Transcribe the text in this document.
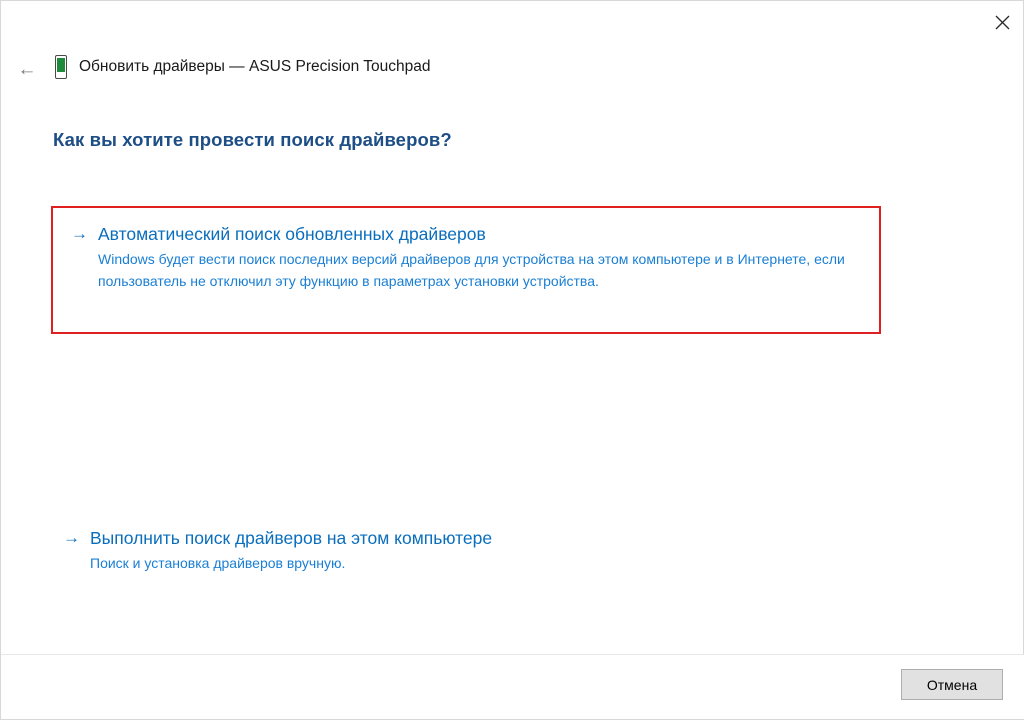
←	Обновить драйверы — ASUS Precision Touchpad
Как вы хотите провести поиск драйверов?
→ Автоматический поиск обновленных драйверов
Windows будет вести поиск последних версий драйверов для устройства на этом компьютере и в Интернете, если пользователь не отключил эту функцию в параметрах установки устройства.
→ Выполнить поиск драйверов на этом компьютере
Поиск и установка драйверов вручную.
Отмена
